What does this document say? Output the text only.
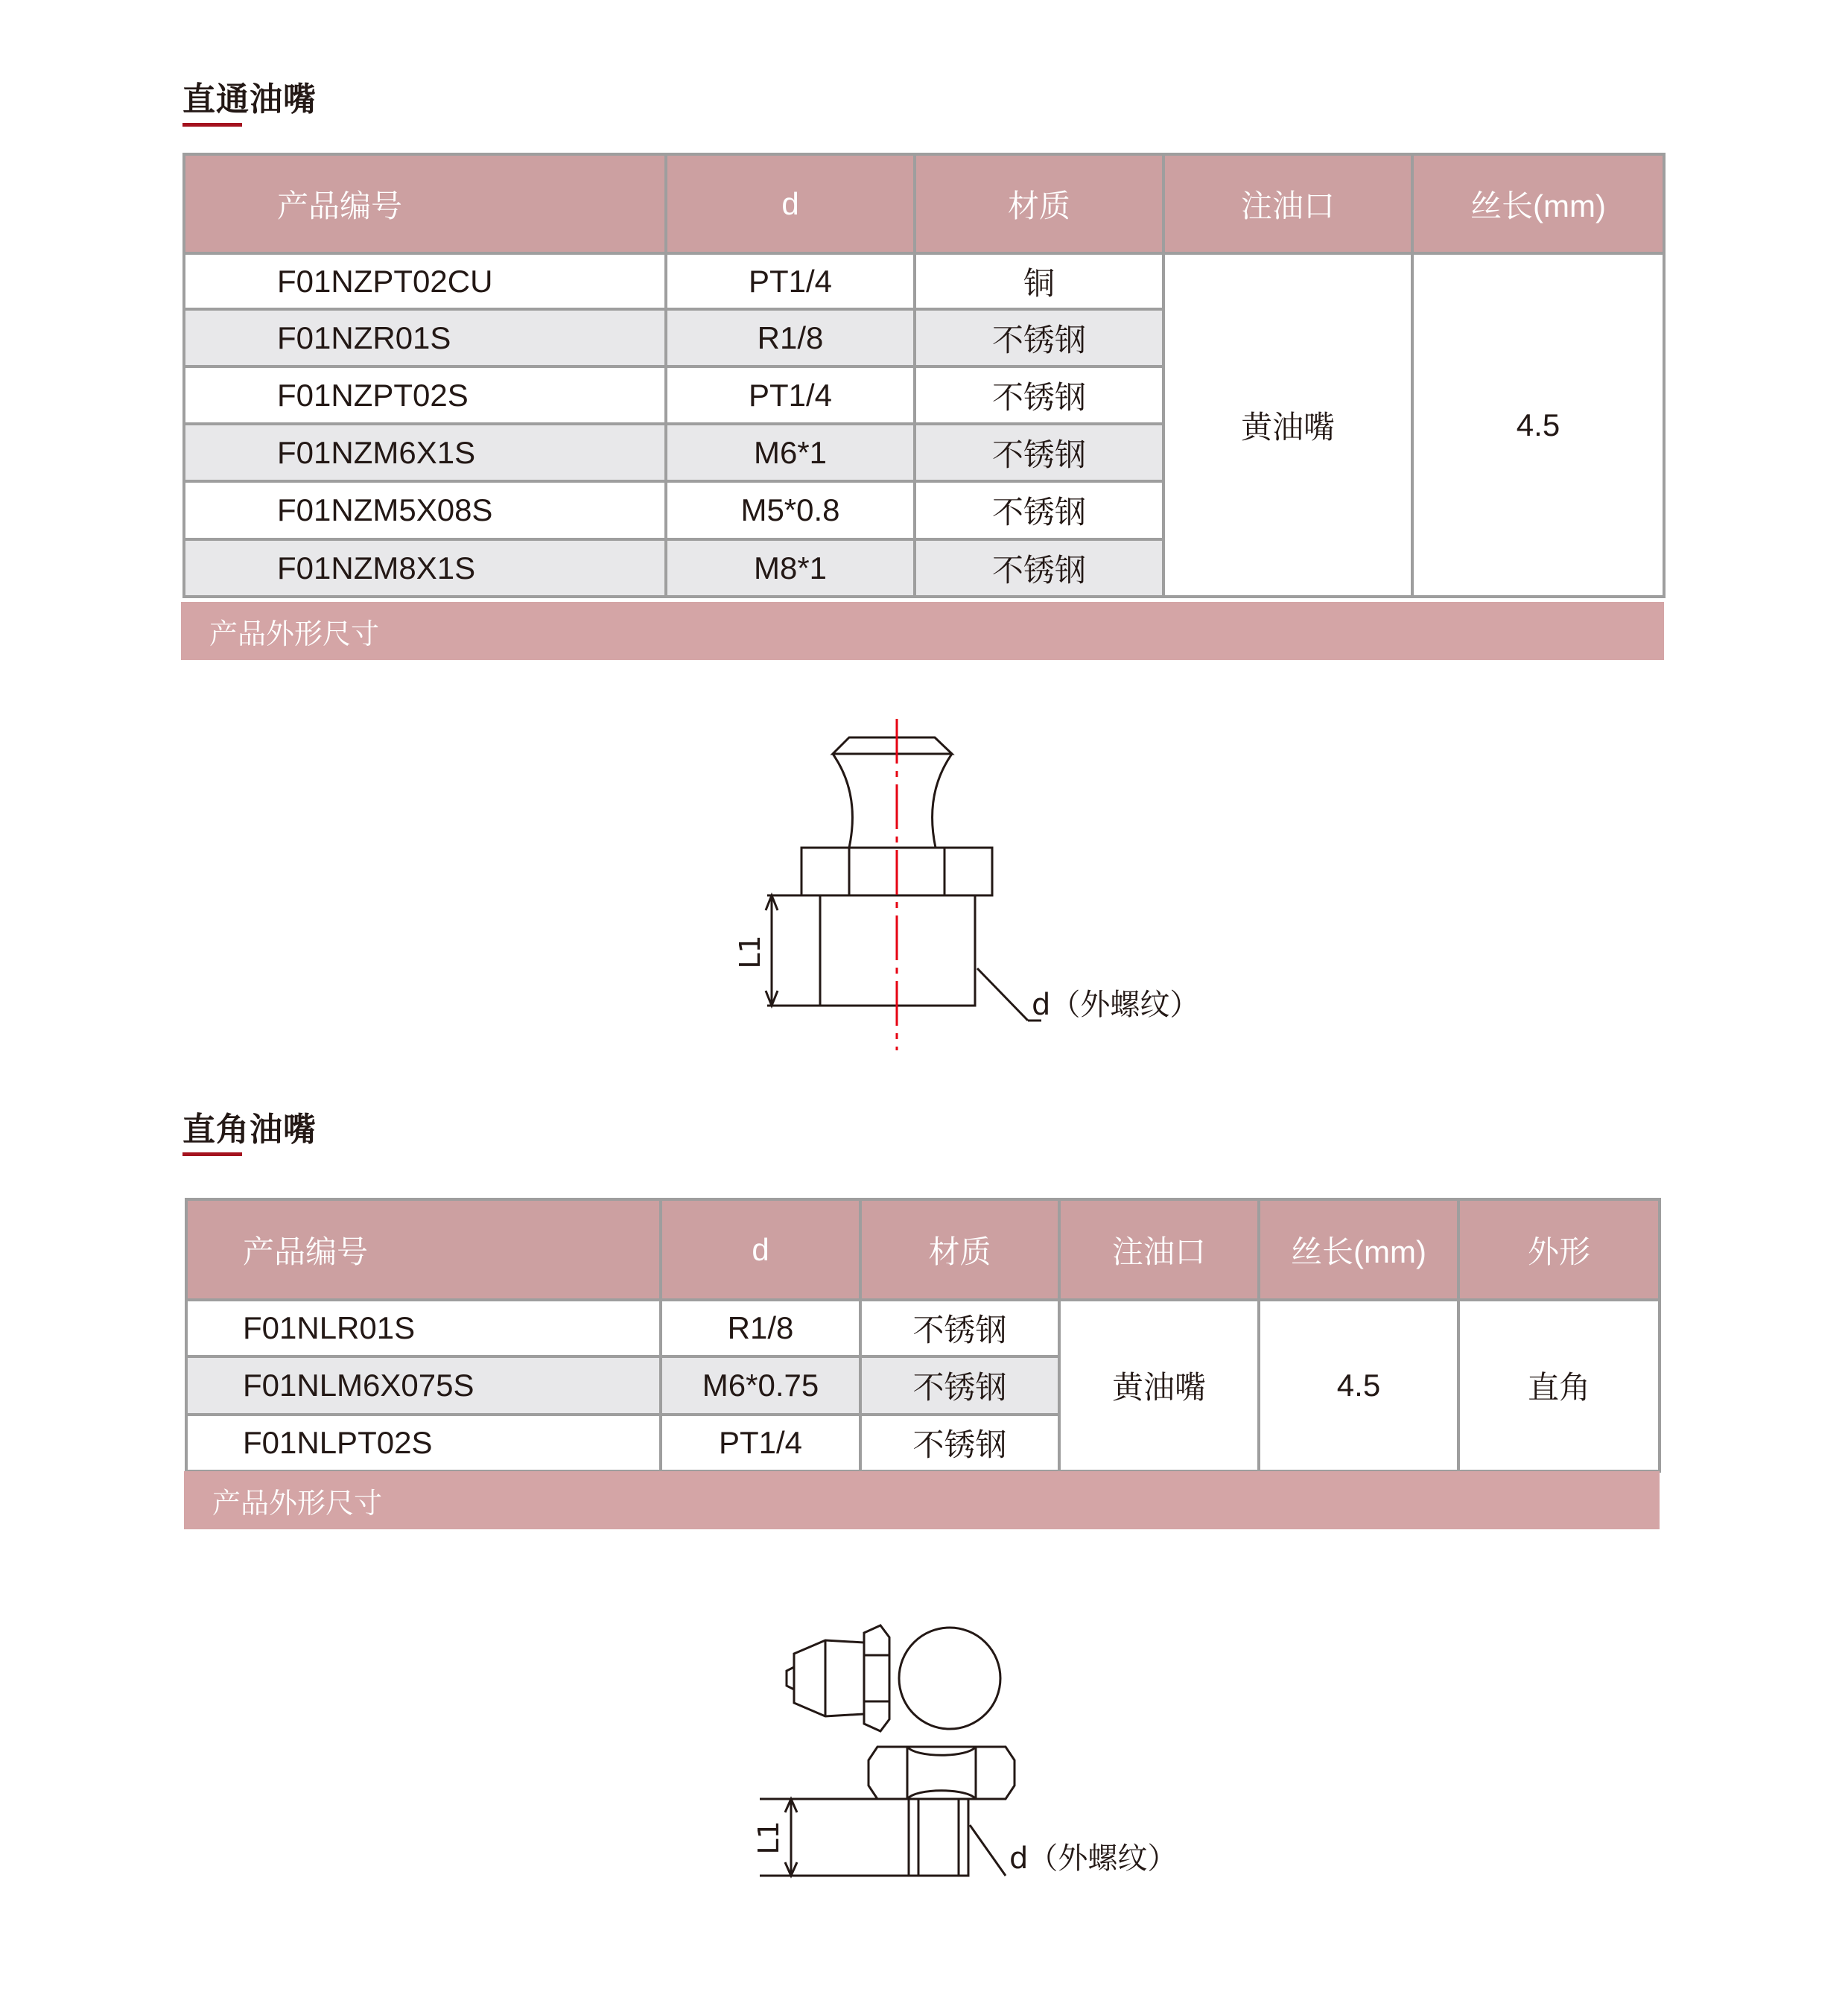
直通油嘴
产品编号	d	材质	注油口	丝长(mm)
F01NZPT02CU	PT1/4	铜	黄油嘴	4.5
F01NZR01S	R1/8	不锈钢		
F01NZPT02S	PT1/4	不锈钢		
F01NZM6X1S	M6*1	不锈钢		
F01NZM5X08S	M5*0.8	不锈钢		
F01NZM8X1S	M8*1	不锈钢		
产品外形尺寸
L1
d（外螺纹）
直角油嘴
产品编号	d	材质	注油口	丝长(mm)	外形
F01NLR01S	R1/8	不锈钢	黄油嘴	4.5	直角
F01NLM6X075S	M6*0.75	不锈钢			
F01NLPT02S	PT1/4	不锈钢			
产品外形尺寸
L1
d（外螺纹）
